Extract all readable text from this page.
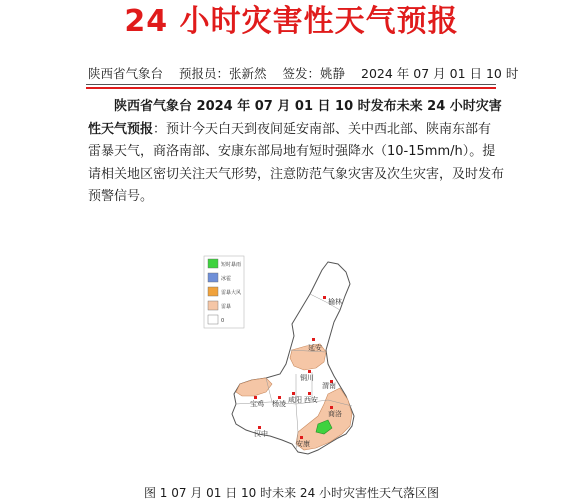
24 小时灾害性天气预报
陕西省气象台 预报员：张新然 签发：姚静 2024 年 07 月 01 日 10 时

陕西省气象台 2024 年 07 月 01 日 10 时发布未来 24 小时灾害性天气预报：预计今天白天到夜间延安南部、关中西北部、陕南东部有雷暴天气，商洛南部、安康东部局地有短时强降水（10-15mm/h）。提请相关地区密切关注天气形势，注意防范气象灾害及次生灾害，及时发布预警信号。

短时暴雨
冰雹
雷暴大风
雷暴
0
榆林
延安
铜川
渭南
宝鸡 杨凌 咸阳 西安
商洛
汉中
安康
图 1 07 月 01 日 10 时未来 24 小时灾害性天气落区图
